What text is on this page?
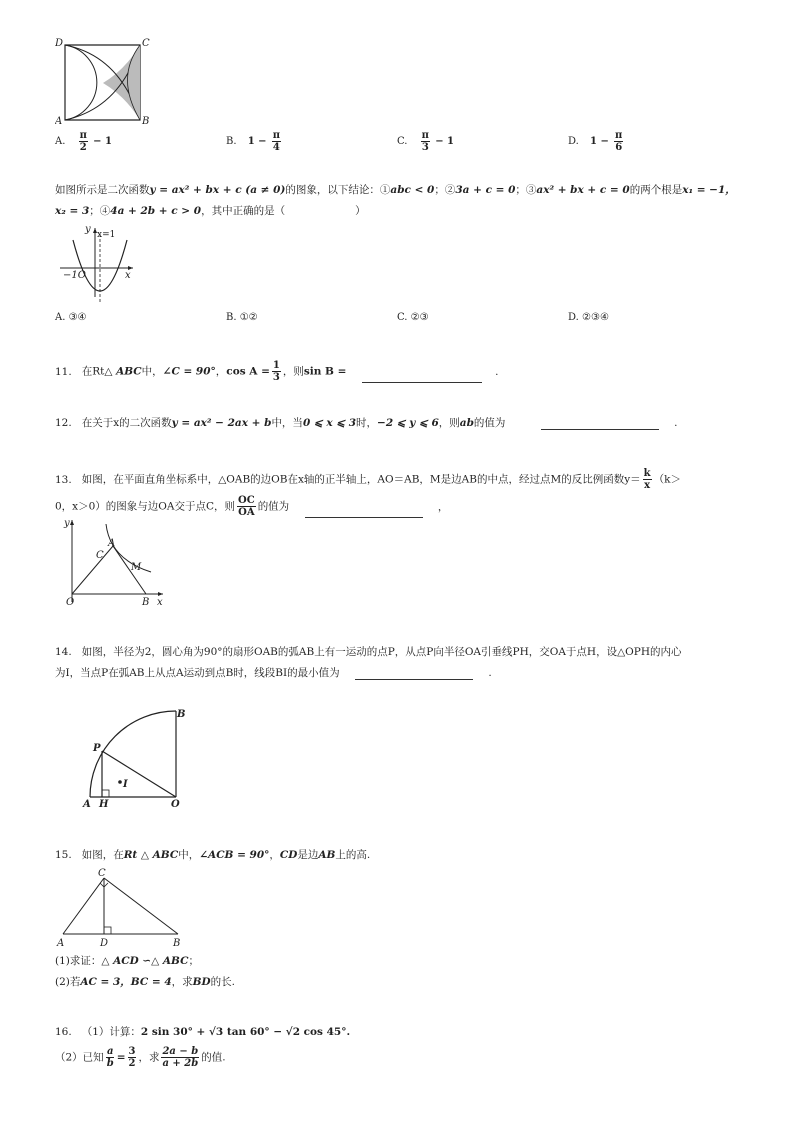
D	C
A	B
A. $\frac{\pi}{2} - 1$	B. $1 - \frac{\pi}{4}$	C. $\frac{\pi}{3} - 1$	D. $1 - \frac{\pi}{6}$
如图所示是二次函数y = ax² + bx + c (a ≠ 0)的图象，以下结论：①abc < 0；②3a + c = 0；③ax² + bx + c = 0的两个根是x₁ = −1，
x₂ = 3；④4a + 2b + c > 0，其中正确的是（	）
y x=1
−1O	x
A. ③④	B. ①②	C. ②③	D. ②③④
11. 在Rt△ ABC中，∠C = 90°，$\cos A = \frac{1}{3}$ ，则sin B =	.
12. 在关于x的二次函数y = ax² − 2ax + b中，当0 ⩽ x ⩽ 3时，−2 ⩽ y ⩽ 6，则ab的值为	.
13. 如图，在平面直角坐标系中，△OAB的边OB在x轴的正半轴上，AO＝AB，M是边AB的中点，经过点M的反比例函数$y= \frac{k}{x} (k>$
0，x＞0）的图象与边OA交于点C，则 $\frac{OC}{OA}$ 的值为	，
y
x
O	B
A
C
M
14. 如图，半径为2，圆心角为90°的扇形OAB的弧AB上有一运动的点P，从点P向半径OA引垂线PH，交OA于点H，设△OPH的内心
为I，当点P在弧AB上从点A运动到点B时，线段BI的最小值为	.
B
P
I
A H	O
15. 如图，在Rt △ ABC中，∠ACB = 90°，CD是边AB上的高.
C
A	D	B
(1)求证：△ ACD ∽△ ABC；
(2)若AC = 3，BC = 4，求BD的长.
16. （1）计算：2 sin 30° + √3 tan 60° − √2 cos 45°.
（2）已知 $\frac{a}{b} = \frac{3}{2}$ ，求 $\frac{2a - b}{a + 2b}$ 的值.
